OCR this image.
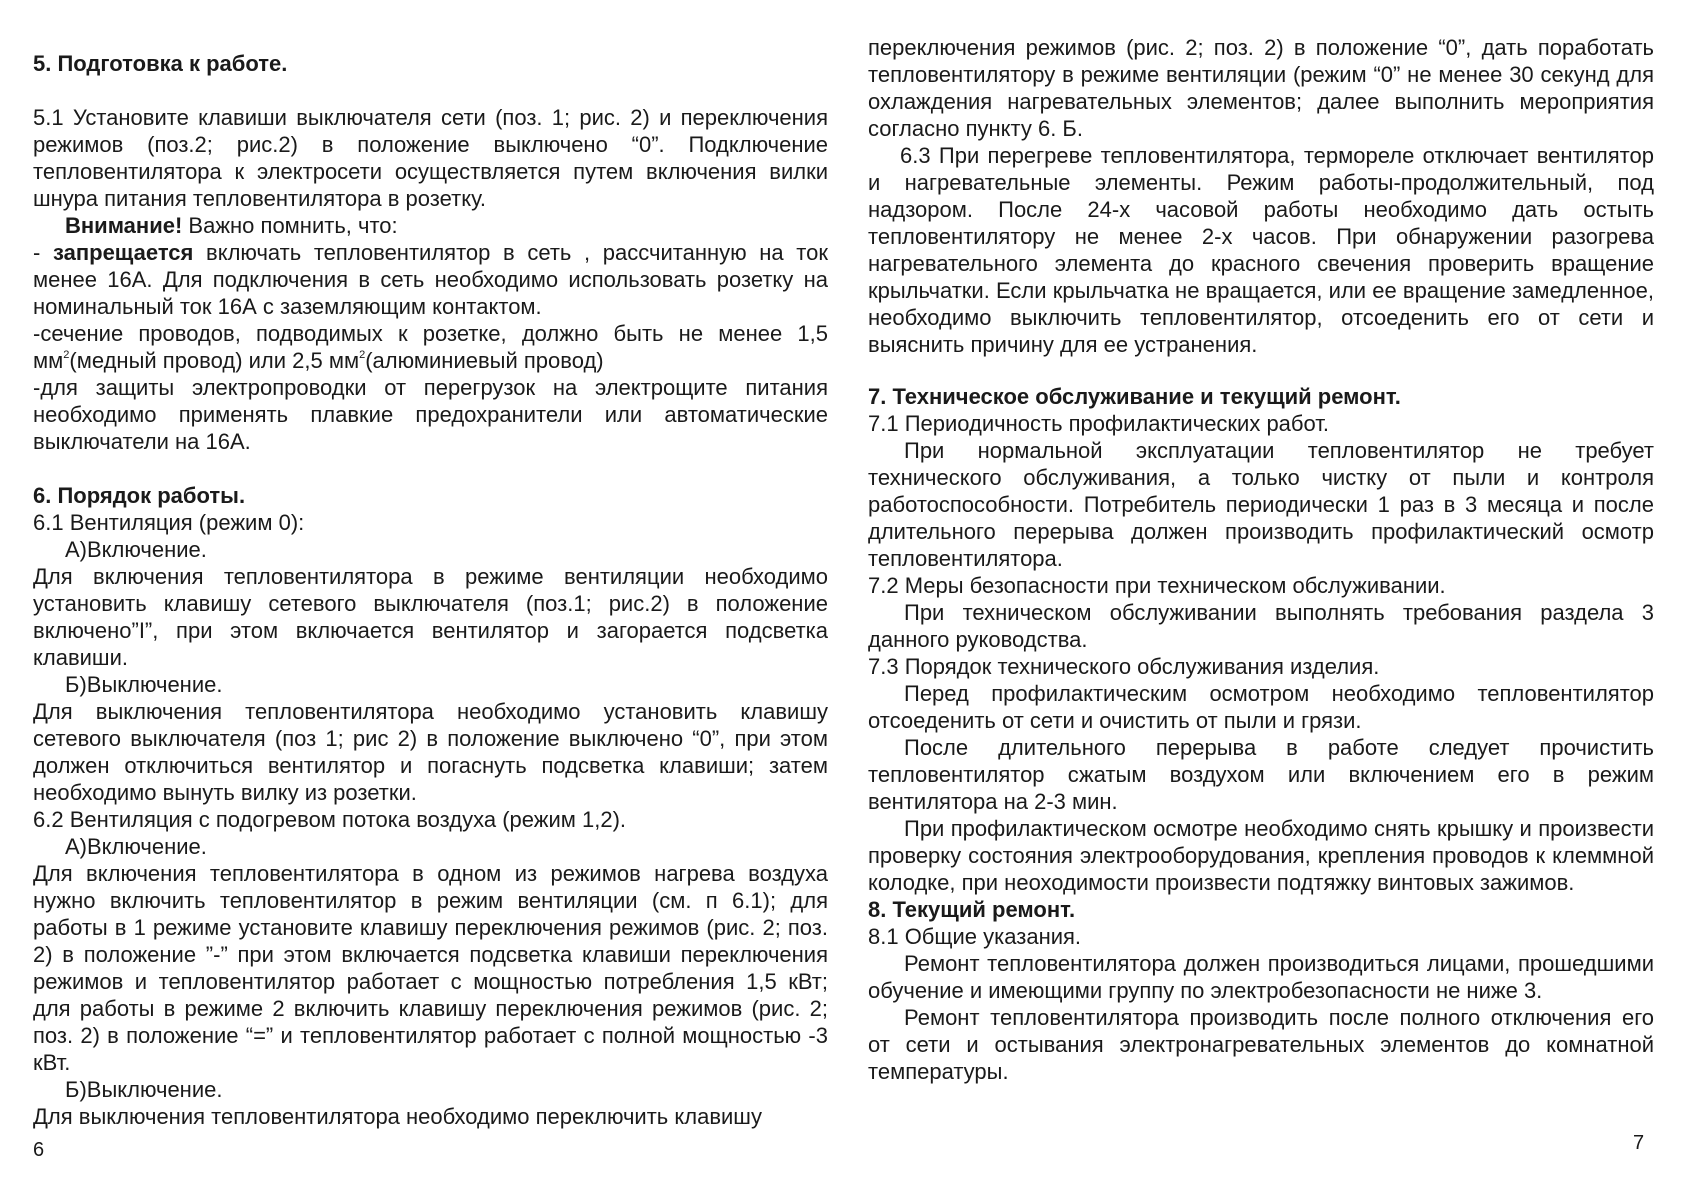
5. Подготовка к работе.

5.1 Установите клавиши выключателя сети (поз. 1; рис. 2) и переключения режимов (поз.2; рис.2) в положение выключено “0”. Подключение тепловентилятора к электросети осуществляется путем включения вилки шнура питания тепловентилятора в розетку.

Внимание! Важно помнить, что:

- запрещается включать тепловентилятор в сеть , рассчитанную на ток менее 16А. Для подключения в сеть необходимо использовать розетку на номинальный ток 16А с заземляющим контактом.

-сечение проводов, подводимых к розетке, должно быть не менее 1,5 $мм^2(медный$ провод) или 2,5 $мм^2(алюминиевый$ провод)

-для защиты электропроводки от перегрузок на электрощите питания необходимо применять плавкие предохранители или автоматические выключатели на 16А.

6. Порядок работы.

6.1 Вентиляция (режим 0):

А)Включение.

Для включения тепловентилятора в режиме вентиляции необходимо установить клавишу сетевого выключателя (поз.1; рис.2) в положение включено”I”, при этом включается вентилятор и загорается подсветка клавиши.

Б)Выключение.

Для выключения тепловентилятора необходимо установить клавишу сетевого выключателя (поз 1; рис 2) в положение выключено “0”, при этом должен отключиться вентилятор и погаснуть подсветка клавиши; затем необходимо вынуть вилку из розетки.

6.2 Вентиляция с подогревом потока воздуха (режим 1,2).

А)Включение.

Для включения тепловентилятора в одном из режимов нагрева воздуха нужно включить тепловентилятор в режим вентиляции (см. п 6.1); для работы в 1 режиме установите клавишу переключения режимов (рис. 2; поз. 2) в положение ”-” при этом включается подсветка клавиши переключения режимов и тепловентилятор работает с мощностью потребления 1,5 кВт; для работы в режиме 2 включить клавишу переключения режимов (рис. 2; поз. 2) в положение “=” и тепловентилятор работает с полной мощностью -3 кВт.

Б)Выключение.

Для выключения тепловентилятора необходимо переключить клавишу

переключения режимов (рис. 2; поз. 2) в положение “0”, дать поработать тепловентилятору в режиме вентиляции (режим “0” не менее 30 секунд для охлаждения нагревательных элементов; далее выполнить мероприятия согласно пункту 6. Б.

6.3 При перегреве тепловентилятора, термореле отключает вентилятор и нагревательные элементы. Режим работы-продолжительный, под надзором. После 24-х часовой работы необходимо дать остыть тепловентилятору не менее 2-х часов. При обнаружении разогрева нагревательного элемента до красного свечения проверить вращение крыльчатки. Если крыльчатка не вращается, или ее вращение замедленное, необходимо выключить тепловентилятор, отсоеденить его от сети и выяснить причину для ее устранения.

7. Техническое обслуживание и текущий ремонт.

7.1 Периодичность профилактических работ.

При нормальной эксплуатации тепловентилятор не требует технического обслуживания, а только чистку от пыли и контроля работоспособности. Потребитель периодически 1 раз в 3 месяца и после длительного перерыва должен производить профилактический осмотр тепловентилятора.

7.2 Меры безопасности при техническом обслуживании.

При техническом обслуживании выполнять требования раздела 3 данного руководства.

7.3 Порядок технического обслуживания изделия.

Перед профилактическим осмотром необходимо тепловентилятор отсоеденить от сети и очистить от пыли и грязи.

После длительного перерыва в работе следует прочистить тепловентилятор сжатым воздухом или включением его в режим вентилятора на 2-3 мин.

При профилактическом осмотре необходимо снять крышку и произвести проверку состояния электрооборудования, крепления проводов к клеммной колодке, при неоходимости произвести подтяжку винтовых зажимов.

8. Текущий ремонт.

8.1 Общие указания.

Ремонт тепловентилятора должен производиться лицами, прошедшими обучение и имеющими группу по электробезопасности не ниже 3.

Ремонт тепловентилятора производить после полного отключения его от сети и остывания электронагревательных элементов до комнатной температуры.

6	7
